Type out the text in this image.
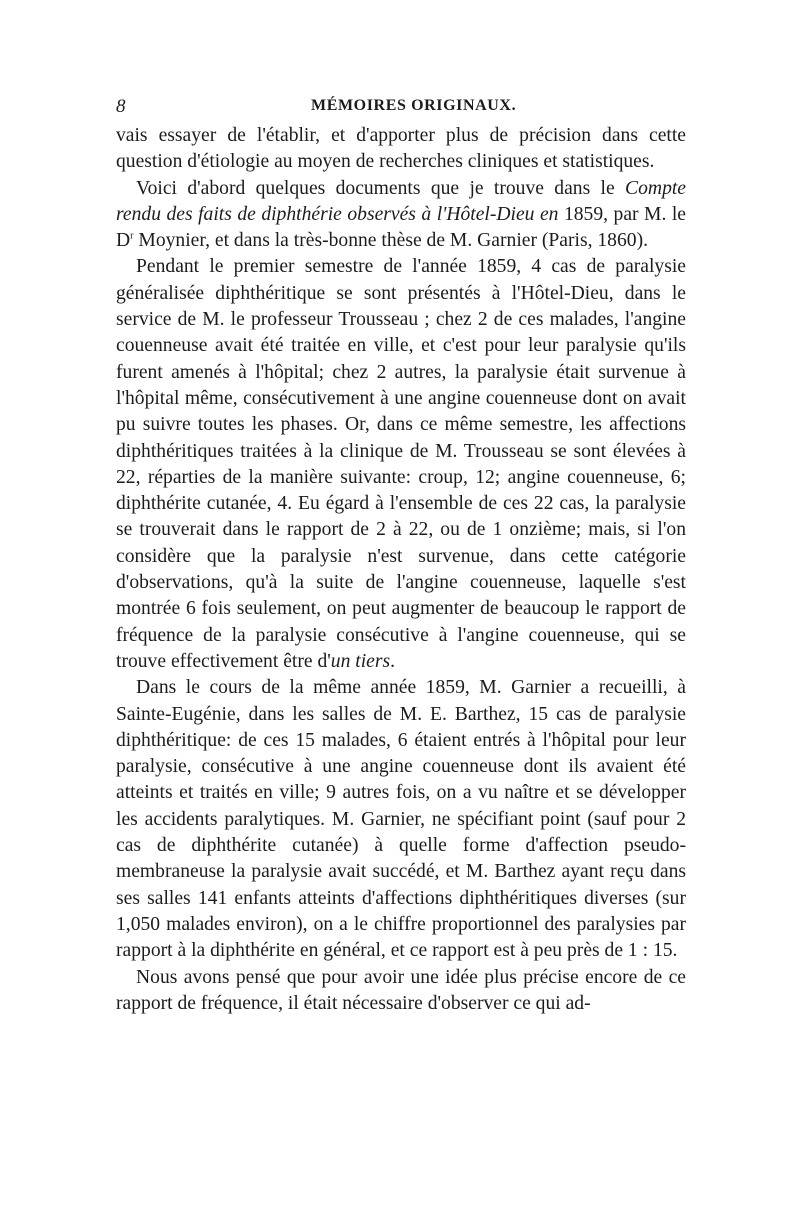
8	MÉMOIRES ORIGINAUX.

vais essayer de l'établir, et d'apporter plus de précision dans cette question d'étiologie au moyen de recherches cliniques et statistiques.

Voici d'abord quelques documents que je trouve dans le Compte rendu des faits de diphthérie observés à l'Hôtel-Dieu en 1859, par M. le $D^r$ Moynier, et dans la très-bonne thèse de M. Garnier (Paris, 1860).

Pendant le premier semestre de l'année 1859, 4 cas de paralysie généralisée diphthéritique se sont présentés à l'Hôtel-Dieu, dans le service de M. le professeur Trousseau ; chez 2 de ces malades, l'angine couenneuse avait été traitée en ville, et c'est pour leur paralysie qu'ils furent amenés à l'hôpital; chez 2 autres, la paralysie était survenue à l'hôpital même, consécutivement à une angine couenneuse dont on avait pu suivre toutes les phases. Or, dans ce même semestre, les affections diphthéritiques traitées à la clinique de M. Trousseau se sont élevées à 22, réparties de la manière suivante: croup, 12; angine couenneuse, 6; diphthérite cutanée, 4. Eu égard à l'ensemble de ces 22 cas, la paralysie se trouverait dans le rapport de 2 à 22, ou de 1 onzième; mais, si l'on considère que la paralysie n'est survenue, dans cette catégorie d'observations, qu'à la suite de l'angine couenneuse, laquelle s'est montrée 6 fois seulement, on peut augmenter de beaucoup le rapport de fréquence de la paralysie consécutive à l'angine couenneuse, qui se trouve effectivement être d'un tiers.

Dans le cours de la même année 1859, M. Garnier a recueilli, à Sainte-Eugénie, dans les salles de M. E. Barthez, 15 cas de paralysie diphthéritique: de ces 15 malades, 6 étaient entrés à l'hôpital pour leur paralysie, consécutive à une angine couenneuse dont ils avaient été atteints et traités en ville; 9 autres fois, on a vu naître et se développer les accidents paralytiques. M. Garnier, ne spécifiant point (sauf pour 2 cas de diphthérite cutanée) à quelle forme d'affection pseudo-membraneuse la paralysie avait succédé, et M. Barthez ayant reçu dans ses salles 141 enfants atteints d'affections diphthéritiques diverses (sur 1,050 malades environ), on a le chiffre proportionnel des paralysies par rapport à la diphthérite en général, et ce rapport est à peu près de 1 : 15.

Nous avons pensé que pour avoir une idée plus précise encore de ce rapport de fréquence, il était nécessaire d'observer ce qui ad-
